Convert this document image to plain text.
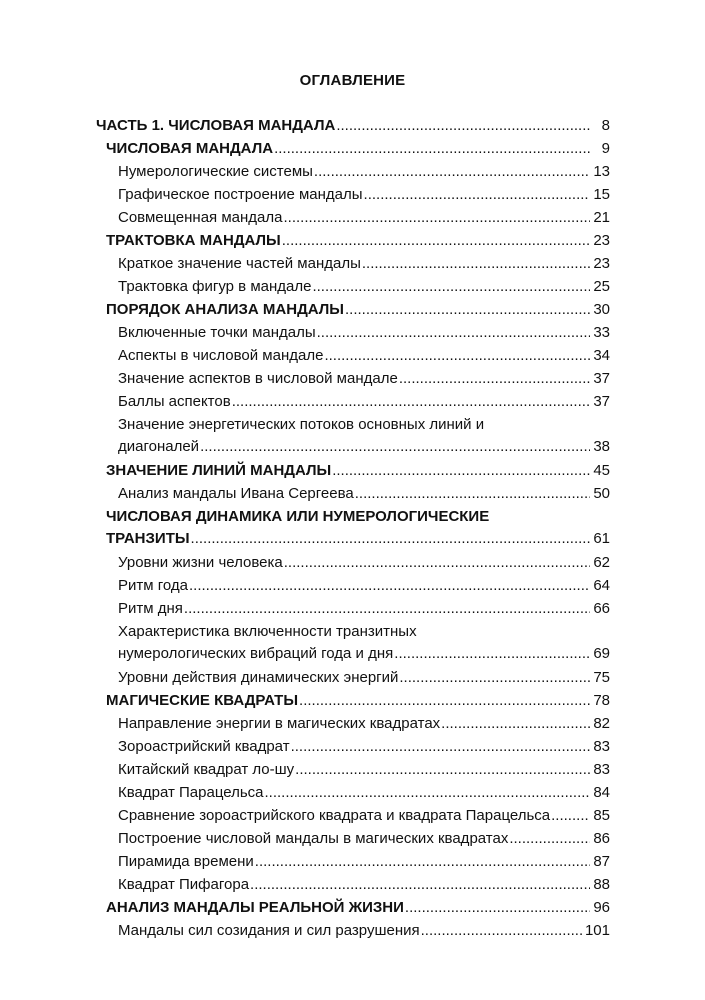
ОГЛАВЛЕНИЕ
ЧАСТЬ 1. ЧИСЛОВАЯ МАНДАЛА .....	8
ЧИСЛОВАЯ МАНДАЛА .....	9
Нумерологические системы .....	13
Графическое построение мандалы .....	15
Совмещенная мандала .....	21
ТРАКТОВКА МАНДАЛЫ .....	23
Краткое значение частей мандалы .....	23
Трактовка фигур в мандале .....	25
ПОРЯДОК АНАЛИЗА МАНДАЛЫ .....	30
Включенные точки мандалы .....	33
Аспекты в числовой мандале .....	34
Значение аспектов в числовой мандале .....	37
Баллы аспектов .....	37
Значение энергетических потоков основных линий и
диагоналей .....	38
ЗНАЧЕНИЕ ЛИНИЙ МАНДАЛЫ .....	45
Анализ мандалы Ивана Сергеева .....	50
ЧИСЛОВАЯ ДИНАМИКА ИЛИ НУМЕРОЛОГИЧЕСКИЕ
ТРАНЗИТЫ .....	61
Уровни жизни человека .....	62
Ритм года .....	64
Ритм дня .....	66
Характеристика включенности транзитных
нумерологических вибраций года и дня .....	69
Уровни действия динамических энергий .....	75
МАГИЧЕСКИЕ КВАДРАТЫ .....	78
Направление энергии в магических квадратах .....	82
Зороастрийский квадрат .....	83
Китайский квадрат ло-шу .....	83
Квадрат Парацельса .....	84
Сравнение зороастрийского квадрата и квадрата Парацельса .....	85
Построение числовой мандалы в магических квадратах .....	86
Пирамида времени .....	87
Квадрат Пифагора .....	88
АНАЛИЗ МАНДАЛЫ РЕАЛЬНОЙ ЖИЗНИ .....	96
Мандалы сил созидания и сил разрушения .....	101
